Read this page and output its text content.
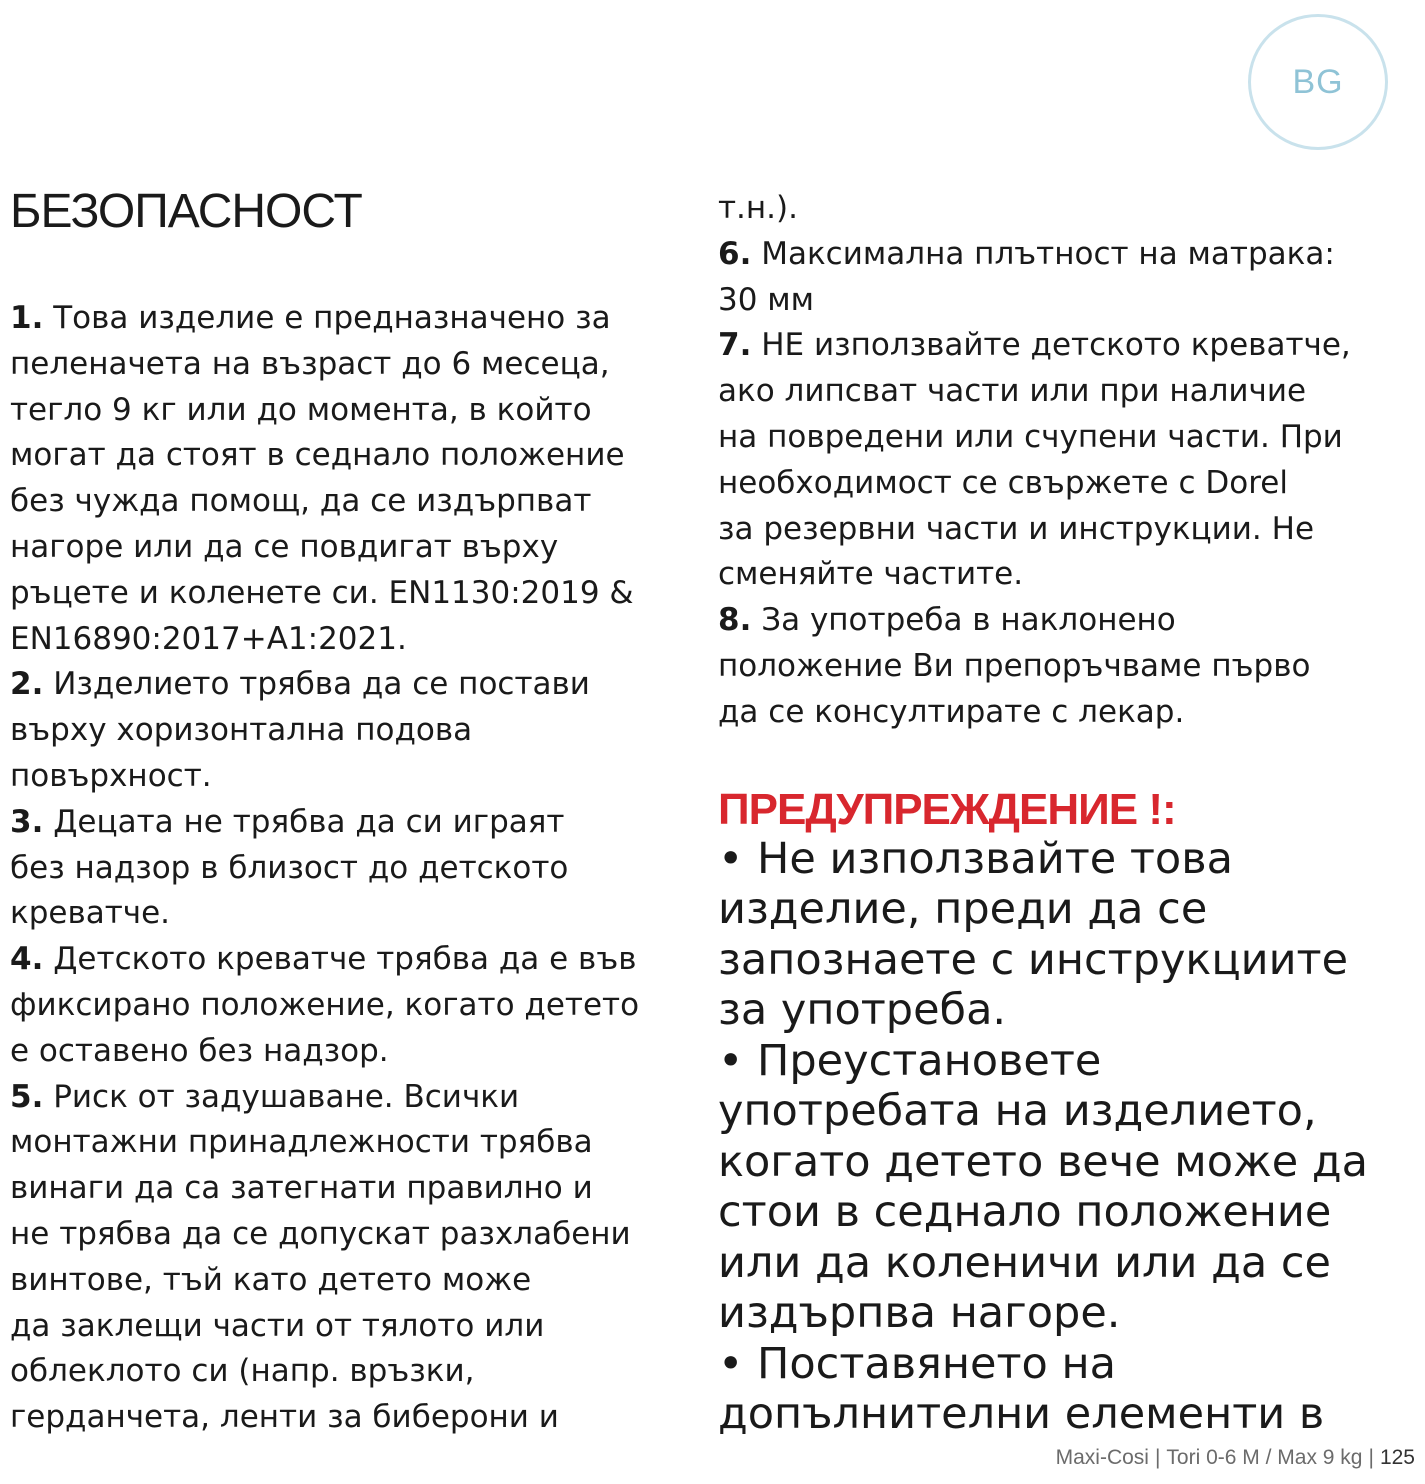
BG
БЕЗОПАСНОСТ

1. Това изделие е предназначено за
пеленачета на възраст до 6 месеца,
тегло 9 кг или до момента, в който
могат да стоят в седнало положение
без чужда помощ, да се издърпват
нагоре или да се повдигат върху
ръцете и коленете си. EN1130:2019 &
EN16890:2017+A1:2021.

2. Изделието трябва да се постави
върху хоризонтална подова
повърхност.

3. Децата не трябва да си играят
без надзор в близост до детското
креватче.

4. Детското креватче трябва да е във
фиксирано положение, когато детето
е оставено без надзор.

5. Риск от задушаване. Всички
монтажни принадлежности трябва
винаги да са затегнати правилно и
не трябва да се допускат разхлабени
винтове, тъй като детето може
да заклещи части от тялото или
облеклото си (напр. връзки,
герданчета, ленти за биберони и

т.н.).

6. Максимална плътност на матрака:
30 мм

7. НЕ използвайте детското креватче,
ако липсват части или при наличие
на повредени или счупени части. При
необходимост се свържете с Dorel
за резервни части и инструкции. Не
сменяйте частите.

8. За употреба в наклонено
положение Ви препоръчваме първо
да се консултирате с лекар.

ПРЕДУПРЕЖДЕНИЕ !:

• Не използвайте това
изделие, преди да се
запознаете с инструкциите
за употреба.

• Преустановете
употребата на изделието,
когато детето вече може да
стои в седнало положение
или да коленичи или да се
издърпва нагоре.

• Поставянето на
допълнителни елементи в

Maxi-Cosi | Tori 0-6 M / Max 9 kg | 125
